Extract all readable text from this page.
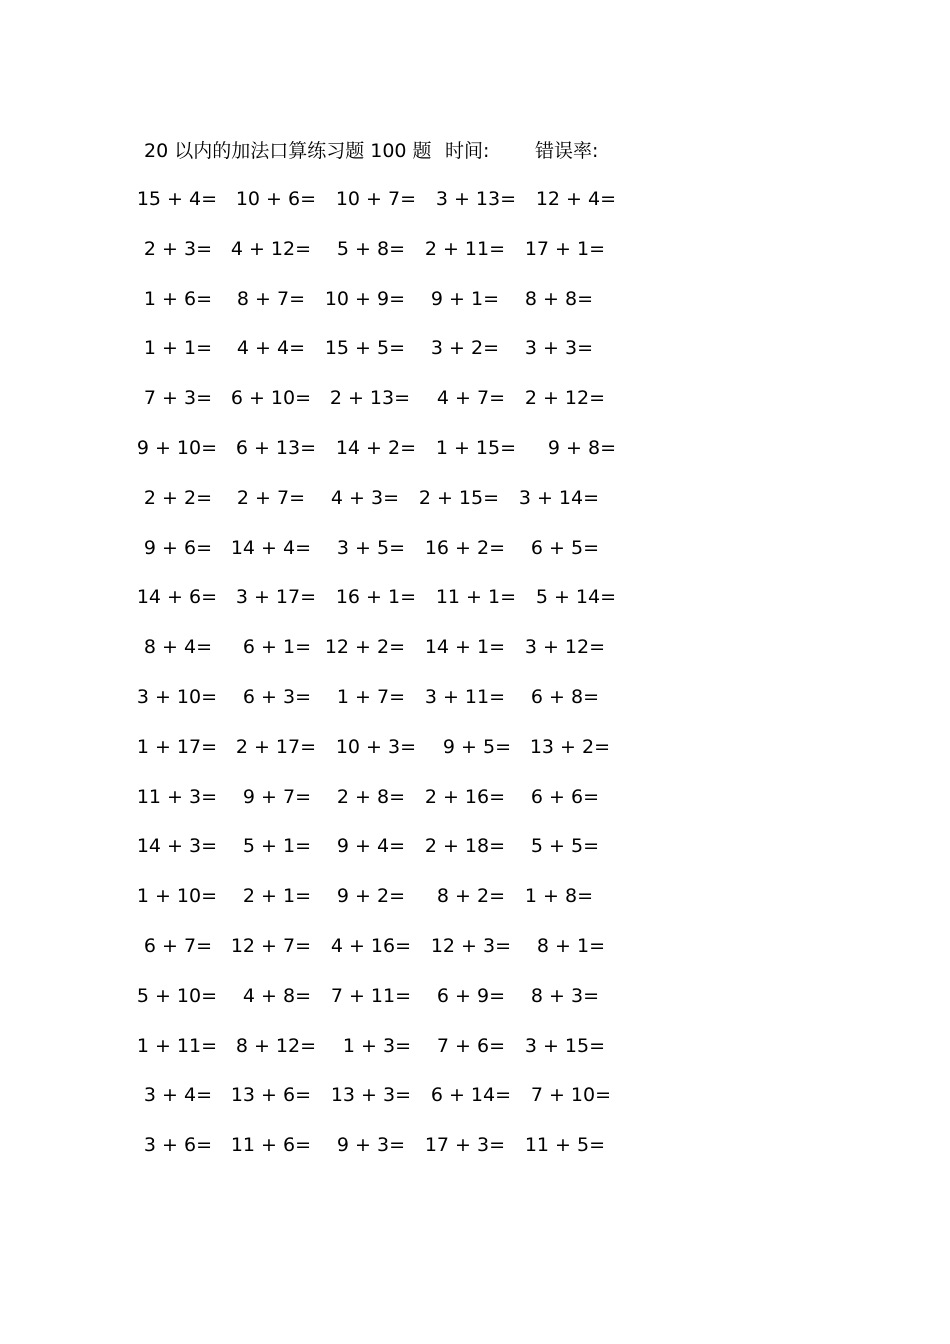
20 以内的加法口算练习题 100 题 时间: 错误率:
15 + 4= 10 + 6= 10 + 7= 3 + 13= 12 + 4=
2 + 3= 4 + 12= 5 + 8= 2 + 11= 17 + 1=
1 + 6= 8 + 7= 10 + 9= 9 + 1= 8 + 8=
1 + 1= 4 + 4= 15 + 5= 3 + 2= 3 + 3=
7 + 3= 6 + 10= 2 + 13= 4 + 7= 2 + 12=
9 + 10= 6 + 13= 14 + 2= 1 + 15= 9 + 8=
2 + 2= 2 + 7= 4 + 3= 2 + 15= 3 + 14=
9 + 6= 14 + 4= 3 + 5= 16 + 2= 6 + 5=
14 + 6= 3 + 17= 16 + 1= 11 + 1= 5 + 14=
8 + 4= 6 + 1= 12 + 2= 14 + 1= 3 + 12=
3 + 10= 6 + 3= 1 + 7= 3 + 11= 6 + 8=
1 + 17= 2 + 17= 10 + 3= 9 + 5= 13 + 2=
11 + 3= 9 + 7= 2 + 8= 2 + 16= 6 + 6=
14 + 3= 5 + 1= 9 + 4= 2 + 18= 5 + 5=
1 + 10= 2 + 1= 9 + 2= 8 + 2= 1 + 8=
6 + 7= 12 + 7= 4 + 16= 12 + 3= 8 + 1=
5 + 10= 4 + 8= 7 + 11= 6 + 9= 8 + 3=
1 + 11= 8 + 12= 1 + 3= 7 + 6= 3 + 15=
3 + 4= 13 + 6= 13 + 3= 6 + 14= 7 + 10=
3 + 6= 11 + 6= 9 + 3= 17 + 3= 11 + 5=
